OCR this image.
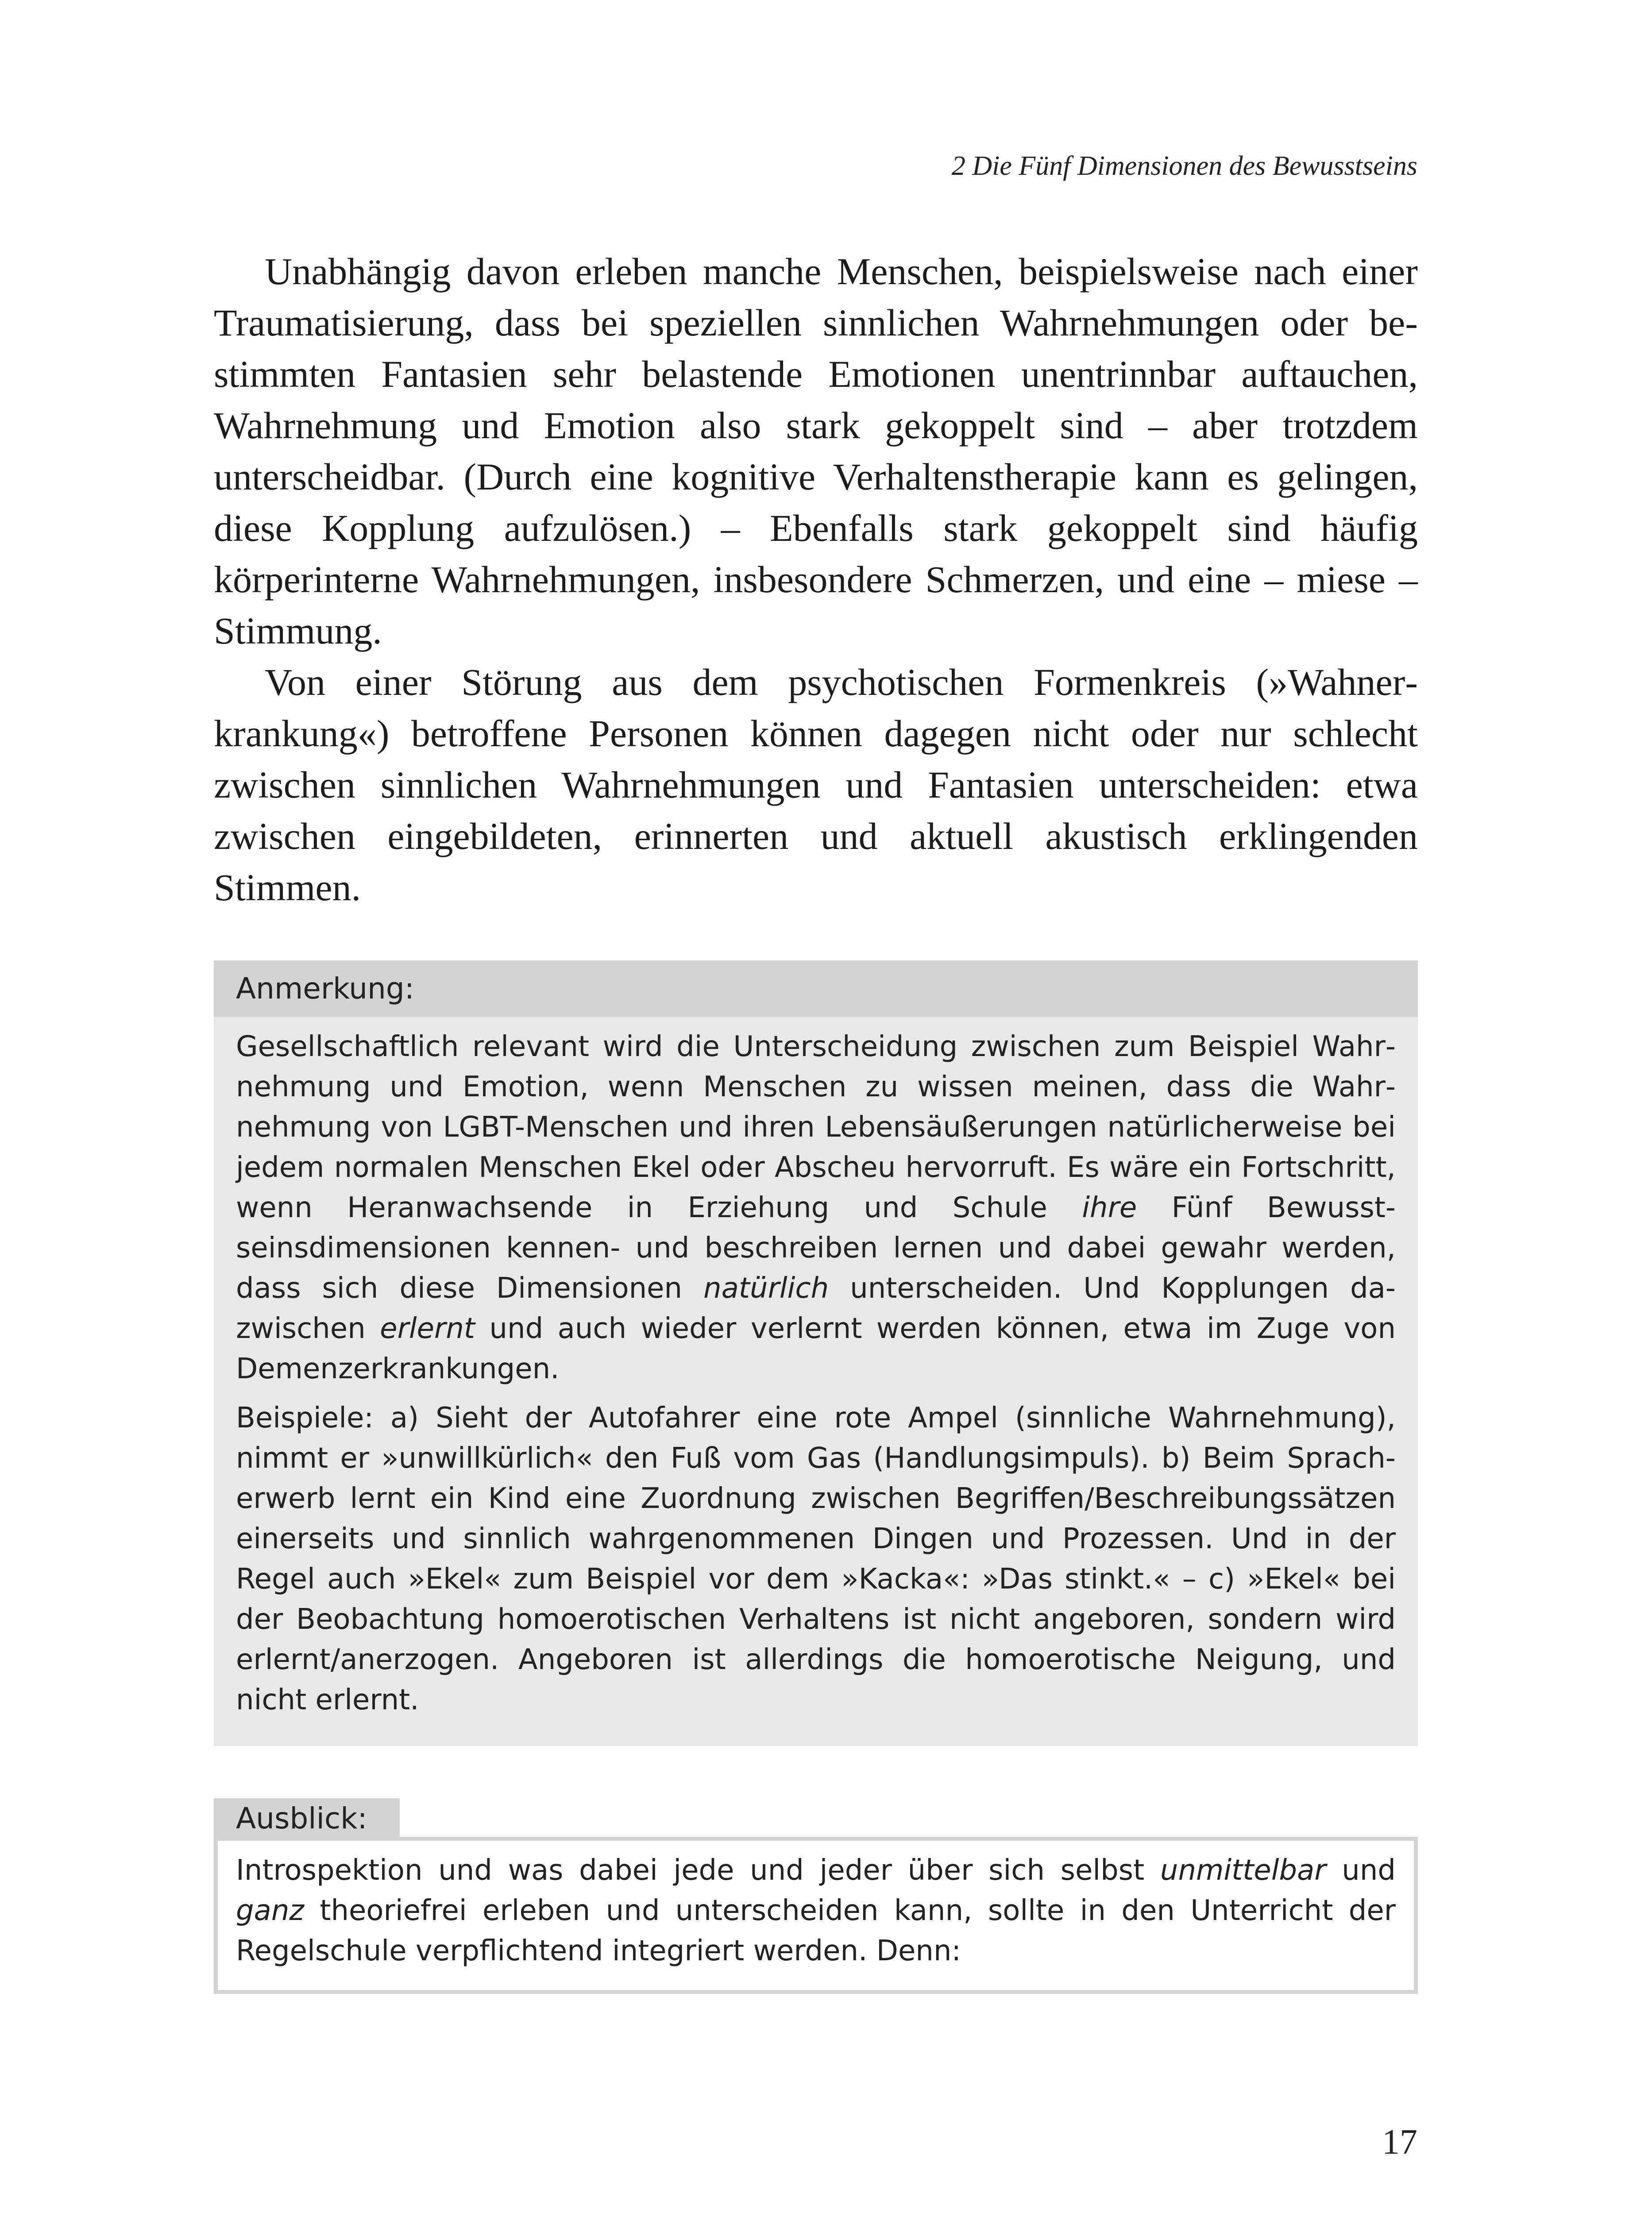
2 Die Fünf Dimensionen des Bewusstseins

Unabhängig davon erleben manche Menschen, beispielsweise nach einer Traumatisierung, dass bei speziellen sinnlichen Wahrnehmungen oder be-stimmten Fantasien sehr belastende Emotionen unentrinnbar auftauchen, Wahrnehmung und Emotion also stark gekoppelt sind – aber trotzdem unterscheidbar. (Durch eine kognitive Verhaltenstherapie kann es gelingen, diese Kopplung aufzulösen.) – Ebenfalls stark gekoppelt sind häufig körperinterne Wahrnehmungen, insbesondere Schmerzen, und eine – miese – Stimmung.

Von einer Störung aus dem psychotischen Formenkreis (»Wahnerkrankung«) betroffene Personen können dagegen nicht oder nur schlecht zwischen sinnlichen Wahrnehmungen und Fantasien unterscheiden: etwa zwischen eingebildeten, erinnerten und aktuell akustisch erklingenden Stimmen.

Anmerkung:

Gesellschaftlich relevant wird die Unterscheidung zwischen zum Beispiel Wahrnehmung und Emotion, wenn Menschen zu wissen meinen, dass die Wahrnehmung von LGBT-Menschen und ihren Lebensäußerungen natürlicherweise bei jedem normalen Menschen Ekel oder Abscheu hervorruft. Es wäre ein Fortschritt, wenn Heranwachsende in Erziehung und Schule ihre Fünf Bewusstseinsdimensionen kennen- und beschreiben lernen und dabei gewahr werden, dass sich diese Dimensionen natürlich unterscheiden. Und Kopplungen dazwischen erlernt und auch wieder verlernt werden können, etwa im Zuge von Demenzerkrankungen.

Beispiele: a) Sieht der Autofahrer eine rote Ampel (sinnliche Wahrnehmung), nimmt er »unwillkürlich« den Fuß vom Gas (Handlungsimpuls). b) Beim Spracherwerb lernt ein Kind eine Zuordnung zwischen Begriffen/Beschreibungssätzen einerseits und sinnlich wahrgenommenen Dingen und Prozessen. Und in der Regel auch »Ekel« zum Beispiel vor dem »Kacka«: »Das stinkt.« – c) »Ekel« bei der Beobachtung homoerotischen Verhaltens ist nicht angeboren, sondern wird erlernt/anerzogen. Angeboren ist allerdings die homoerotische Neigung, und nicht erlernt.

Ausblick:

Introspektion und was dabei jede und jeder über sich selbst unmittelbar und ganz theoriefrei erleben und unterscheiden kann, sollte in den Unterricht der Regelschule verpflichtend integriert werden. Denn:

17
